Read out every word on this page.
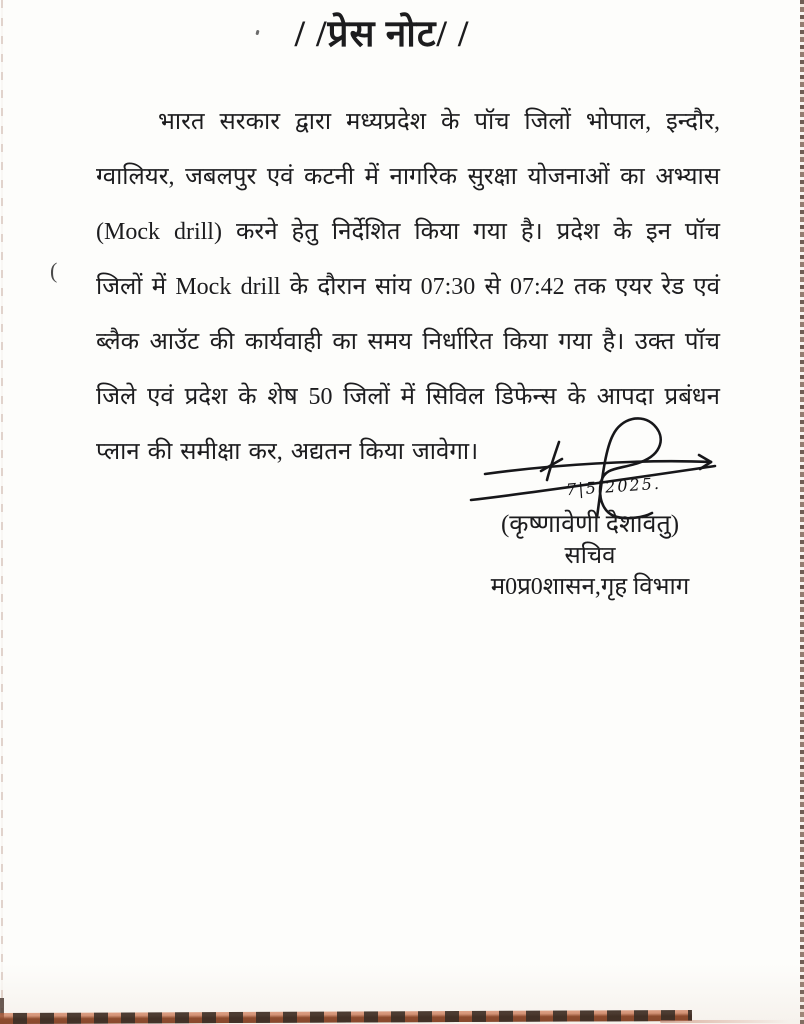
/ /प्रेस नोट/ /
भारत सरकार द्वारा मध्यप्रदेश के पॉच जिलों भोपाल, इन्दौर,
ग्वालियर, जबलपुर एवं कटनी में नागरिक सुरक्षा योजनाओं का अभ्यास
(Mock drill) करने हेतु निर्देशित किया गया है। प्रदेश के इन पॉच
जिलों में Mock drill के दौरान सांय 07:30 से 07:42 तक एयर रेड एवं
ब्लैक आउॅट की कार्यवाही का समय निर्धारित किया गया है। उक्त पॉच
जिले एवं प्रदेश के शेष 50 जिलों में सिविल डिफेन्स के आपदा प्रबंधन
प्लान की समीक्षा कर, अद्यतन किया जावेगा।
7|5|2025.
(कृष्णावेणी देशावतु)
सचिव
म0प्र0शासन,गृह विभाग
(
